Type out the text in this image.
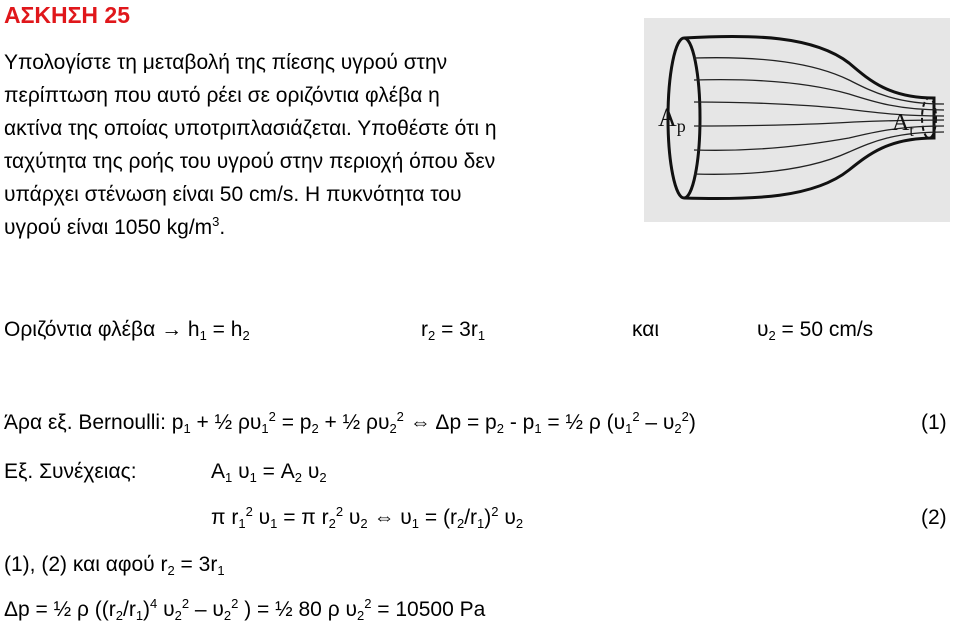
ΑΣΚΗΣΗ 25
Υπολογίστε τη μεταβολή της πίεσης υγρού στην
περίπτωση που αυτό ρέει σε οριζόντια φλέβα η
ακτίνα της οποίας υποτριπλασιάζεται. Υποθέστε ότι η
ταχύτητα της ροής του υγρού στην περιοχή όπου δεν
υπάρχει στένωση είναι 50 cm/s. Η πυκνότητα του
υγρού είναι 1050 $kg/m^3$.
$A_p$	$A_t$
Οριζόντια $\varphi\lambda έ\beta\alpha \to h_1 = h_2$	$r_2 = 3r_1$	και	$\upsilon_2 = 50$ cm/s
Άρα εξ. Bernoulli: $p_1$ + ½ $\rho\upsilon_1^2 = p_2$ + ½ $\rho\upsilon_2^2$ ⇔ $\Delta p = p_2 - p_1$ = ½ ρ $(\upsilon_1^2 - \upsilon_2^2)$	(1)
Εξ. Συνέχειας:	$A_1$ $\upsilon_1 = A_2$ $\upsilon_2$
π $r_1^2$ $\upsilon_1 = \pi$ $r_2^2$ $\upsilon_2$ ⇔ $\upsilon_1 = (r_2/r_1)^2$ $\upsilon_2$	(2)
(1), (2) και αφού $r_2 = 3r_1$
Δp = ½ ρ ($(r_2/r_1)^4$ $\upsilon_2^2 - \upsilon_2^2$ ) = ½ 80 ρ $\upsilon_2^2 = 10500$ Pa
